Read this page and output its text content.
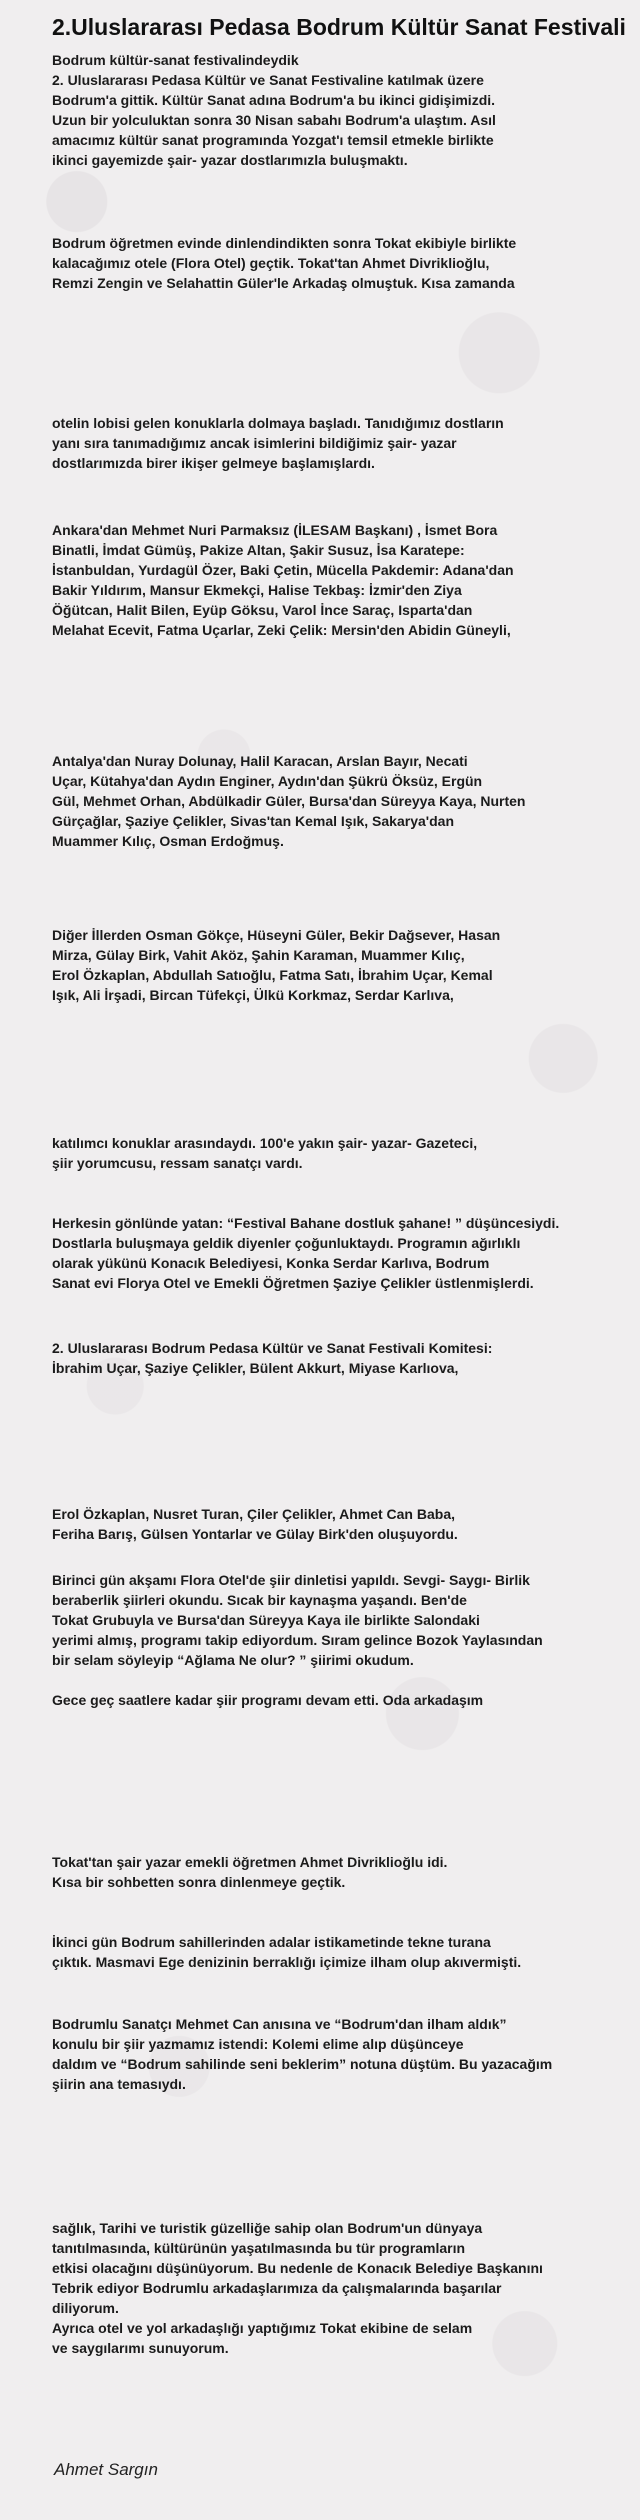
2.Uluslararası Pedasa Bodrum Kültür Sanat Festivali

Bodrum kültür-sanat festivalindeydik
2. Uluslararası Pedasa Kültür ve Sanat Festivaline katılmak üzere
Bodrum'a gittik. Kültür Sanat adına Bodrum'a bu ikinci gidişimizdi.
Uzun bir yolculuktan sonra 30 Nisan sabahı Bodrum'a ulaştım. Asıl
amacımız kültür sanat programında Yozgat'ı temsil etmekle birlikte
ikinci gayemizde şair- yazar dostlarımızla buluşmaktı.

Bodrum öğretmen evinde dinlendindikten sonra Tokat ekibiyle birlikte
kalacağımız otele (Flora Otel) geçtik. Tokat'tan Ahmet Divriklioğlu,
Remzi Zengin ve Selahattin Güler'le Arkadaş olmuştuk. Kısa zamanda

otelin lobisi gelen konuklarla dolmaya başladı. Tanıdığımız dostların
yanı sıra tanımadığımız ancak isimlerini bildiğimiz şair- yazar
dostlarımızda birer ikişer gelmeye başlamışlardı.

Ankara'dan Mehmet Nuri Parmaksız (İLESAM Başkanı) , İsmet Bora
Binatli, İmdat Gümüş, Pakize Altan, Şakir Susuz, İsa Karatepe:
İstanbuldan, Yurdagül Özer, Baki Çetin, Mücella Pakdemir: Adana'dan
Bakir Yıldırım, Mansur Ekmekçi, Halise Tekbaş: İzmir'den Ziya
Öğütcan, Halit Bilen, Eyüp Göksu, Varol İnce Saraç, Isparta'dan
Melahat Ecevit, Fatma Uçarlar, Zeki Çelik: Mersin'den Abidin Güneyli,

Antalya'dan Nuray Dolunay, Halil Karacan, Arslan Bayır, Necati
Uçar, Kütahya'dan Aydın Enginer, Aydın'dan Şükrü Öksüz, Ergün
Gül, Mehmet Orhan, Abdülkadir Güler, Bursa'dan Süreyya Kaya, Nurten
Gürçağlar, Şaziye Çelikler, Sivas'tan Kemal Işık, Sakarya'dan
Muammer Kılıç, Osman Erdoğmuş.

Diğer İllerden Osman Gökçe, Hüseyni Güler, Bekir Dağsever, Hasan
Mirza, Gülay Birk, Vahit Aköz, Şahin Karaman, Muammer Kılıç,
Erol Özkaplan, Abdullah Satıoğlu, Fatma Satı, İbrahim Uçar, Kemal
Işık, Ali İrşadi, Bircan Tüfekçi, Ülkü Korkmaz, Serdar Karlıva,

katılımcı konuklar arasındaydı. 100'e yakın şair- yazar- Gazeteci,
şiir yorumcusu, ressam sanatçı vardı.

Herkesin gönlünde yatan: “Festival Bahane dostluk şahane! ” düşüncesiydi.
Dostlarla buluşmaya geldik diyenler çoğunluktaydı. Programın ağırlıklı
olarak yükünü Konacık Belediyesi, Konka Serdar Karlıva, Bodrum
Sanat evi Florya Otel ve Emekli Öğretmen Şaziye Çelikler üstlenmişlerdi.

2. Uluslararası Bodrum Pedasa Kültür ve Sanat Festivali Komitesi:
İbrahim Uçar, Şaziye Çelikler, Bülent Akkurt, Miyase Karlıova,

Erol Özkaplan, Nusret Turan, Çiler Çelikler, Ahmet Can Baba,
Feriha Barış, Gülsen Yontarlar ve Gülay Birk'den oluşuyordu.

Birinci gün akşamı Flora Otel'de şiir dinletisi yapıldı. Sevgi- Saygı- Birlik
beraberlik şiirleri okundu. Sıcak bir kaynaşma yaşandı. Ben'de
Tokat Grubuyla ve Bursa'dan Süreyya Kaya ile birlikte Salondaki
yerimi almış, programı takip ediyordum. Sıram gelince Bozok Yaylasından
bir selam söyleyip “Ağlama Ne olur? ” şiirimi okudum.

Gece geç saatlere kadar şiir programı devam etti. Oda arkadaşım

Tokat'tan şair yazar emekli öğretmen Ahmet Divriklioğlu idi.
Kısa bir sohbetten sonra dinlenmeye geçtik.

İkinci gün Bodrum sahillerinden adalar istikametinde tekne turana
çıktık. Masmavi Ege denizinin berraklığı içimize ilham olup akıvermişti.

Bodrumlu Sanatçı Mehmet Can anısına ve “Bodrum'dan ilham aldık”
konulu bir şiir yazmamız istendi: Kolemi elime alıp düşünceye
daldım ve “Bodrum sahilinde seni beklerim” notuna düştüm. Bu yazacağım
şiirin ana temasıydı.

sağlık, Tarihi ve turistik güzelliğe sahip olan Bodrum'un dünyaya
tanıtılmasında, kültürünün yaşatılmasında bu tür programların
etkisi olacağını düşünüyorum. Bu nedenle de Konacık Belediye Başkanını
Tebrik ediyor Bodrumlu arkadaşlarımıza da çalışmalarında başarılar
diliyorum.
Ayrıca otel ve yol arkadaşlığı yaptığımız Tokat ekibine de selam
ve saygılarımı sunuyorum.

Ahmet Sargın
